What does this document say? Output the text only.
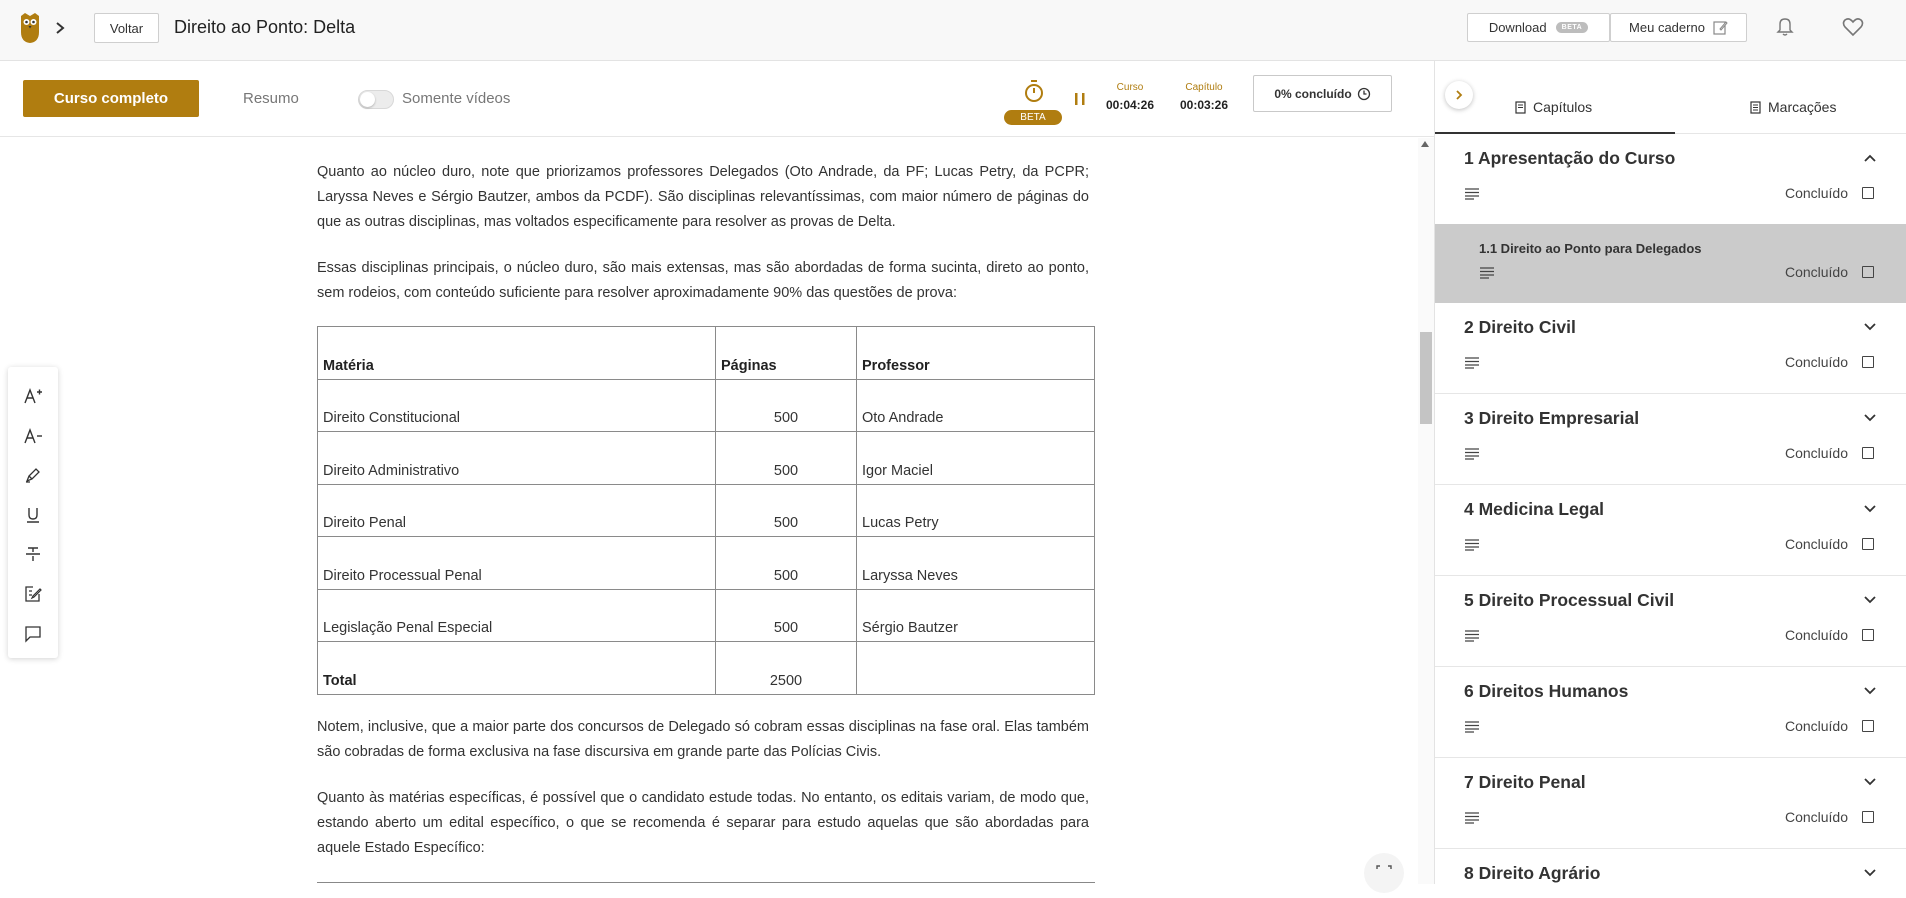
Voltar	Direito ao Ponto: Delta	Download	BETA	Meu caderno
Curso completo	Resumo	Somente vídeos
BETA
Curso
00:04:26
Capítulo
00:03:26
0% concluído

Quanto ao núcleo duro, note que priorizamos professores Delegados (Oto Andrade, da PF; Lucas Petry, da PCPR; Laryssa Neves e Sérgio Bautzer, ambos da PCDF). São disciplinas relevantíssimas, com maior número de páginas do que as outras disciplinas, mas voltados especificamente para resolver as provas de Delta.

Essas disciplinas principais, o núcleo duro, são mais extensas, mas são abordadas de forma sucinta, direto ao ponto, sem rodeios, com conteúdo suficiente para resolver aproximadamente 90% das questões de prova:

Matéria	Páginas	Professor
Direito Constitucional	500	Oto Andrade
Direito Administrativo	500	Igor Maciel
Direito Penal	500	Lucas Petry
Direito Processual Penal	500	Laryssa Neves
Legislação Penal Especial	500	Sérgio Bautzer
Total	2500	

Notem, inclusive, que a maior parte dos concursos de Delegado só cobram essas disciplinas na fase oral. Elas também são cobradas de forma exclusiva na fase discursiva em grande parte das Polícias Civis.

Quanto às matérias específicas, é possível que o candidato estude todas. No entanto, os editais variam, de modo que, estando aberto um edital específico, o que se recomenda é separar para estudo aquelas que são abordadas para aquele Estado Específico:

Capítulos	Marcações
1 Apresentação do Curso
Concluído
1.1 Direito ao Ponto para Delegados
Concluído
2 Direito Civil
Concluído
3 Direito Empresarial
Concluído
4 Medicina Legal
Concluído
5 Direito Processual Civil
Concluído
6 Direitos Humanos
Concluído
7 Direito Penal
Concluído
8 Direito Agrário
